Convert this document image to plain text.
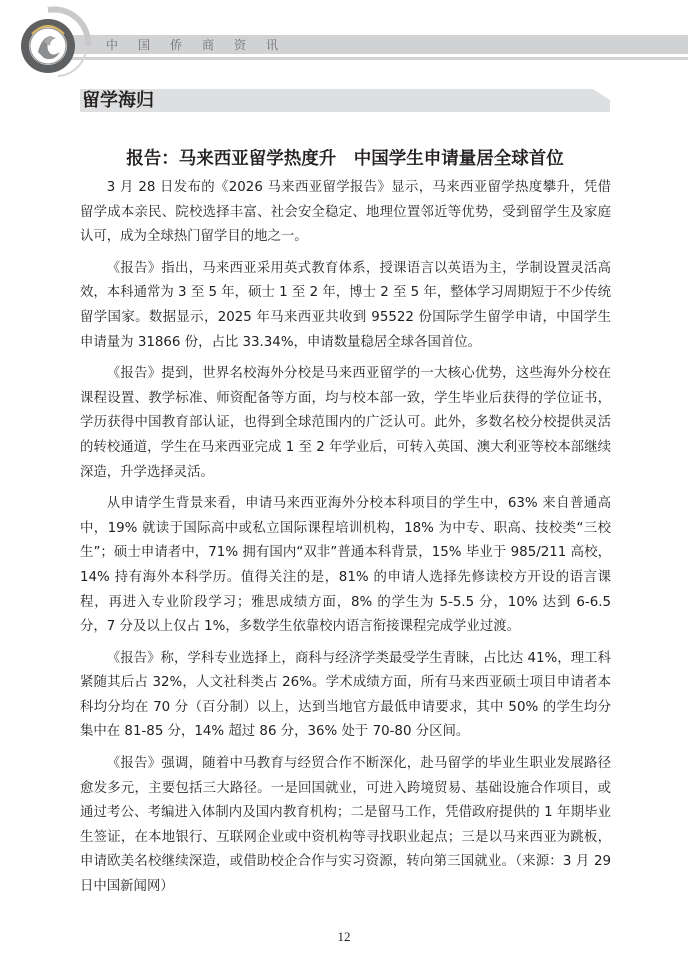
中国侨商资讯
留学海归
报告：马来西亚留学热度升　中国学生申请量居全球首位

3 月 28 日发布的《2026 马来西亚留学报告》显示，马来西亚留学热度攀升，凭借留学成本亲民、院校选择丰富、社会安全稳定、地理位置邻近等优势，受到留学生及家庭认可，成为全球热门留学目的地之一。

《报告》指出，马来西亚采用英式教育体系，授课语言以英语为主，学制设置灵活高效，本科通常为 3 至 5 年，硕士 1 至 2 年，博士 2 至 5 年，整体学习周期短于不少传统留学国家。数据显示，2025 年马来西亚共收到 95522 份国际学生留学申请，中国学生申请量为 31866 份，占比 33.34%，申请数量稳居全球各国首位。

《报告》提到，世界名校海外分校是马来西亚留学的一大核心优势，这些海外分校在课程设置、教学标准、师资配备等方面，均与校本部一致，学生毕业后获得的学位证书，学历获得中国教育部认证，也得到全球范围内的广泛认可。此外，多数名校分校提供灵活的转校通道，学生在马来西亚完成 1 至 2 年学业后，可转入英国、澳大利亚等校本部继续深造，升学选择灵活。

从申请学生背景来看，申请马来西亚海外分校本科项目的学生中，63% 来自普通高中，19% 就读于国际高中或私立国际课程培训机构，18% 为中专、职高、技校类“三校生”；硕士申请者中，71% 拥有国内“双非”普通本科背景，15% 毕业于 985/211 高校，14% 持有海外本科学历。值得关注的是，81% 的申请人选择先修读校方开设的语言课程，再进入专业阶段学习；雅思成绩方面，8% 的学生为 5-5.5 分，10% 达到 6-6.5 分，7 分及以上仅占 1%，多数学生依靠校内语言衔接课程完成学业过渡。

《报告》称，学科专业选择上，商科与经济学类最受学生青睐，占比达 41%，理工科紧随其后占 32%，人文社科类占 26%。学术成绩方面，所有马来西亚硕士项目申请者本科均分均在 70 分（百分制）以上，达到当地官方最低申请要求，其中 50% 的学生均分集中在 81-85 分，14% 超过 86 分，36% 处于 70-80 分区间。

《报告》强调，随着中马教育与经贸合作不断深化，赴马留学的毕业生职业发展路径愈发多元，主要包括三大路径。一是回国就业，可进入跨境贸易、基础设施合作项目，或通过考公、考编进入体制内及国内教育机构；二是留马工作，凭借政府提供的 1 年期毕业生签证，在本地银行、互联网企业或中资机构等寻找职业起点；三是以马来西亚为跳板，申请欧美名校继续深造，或借助校企合作与实习资源，转向第三国就业。（来源：3 月 29 日中国新闻网）

12
